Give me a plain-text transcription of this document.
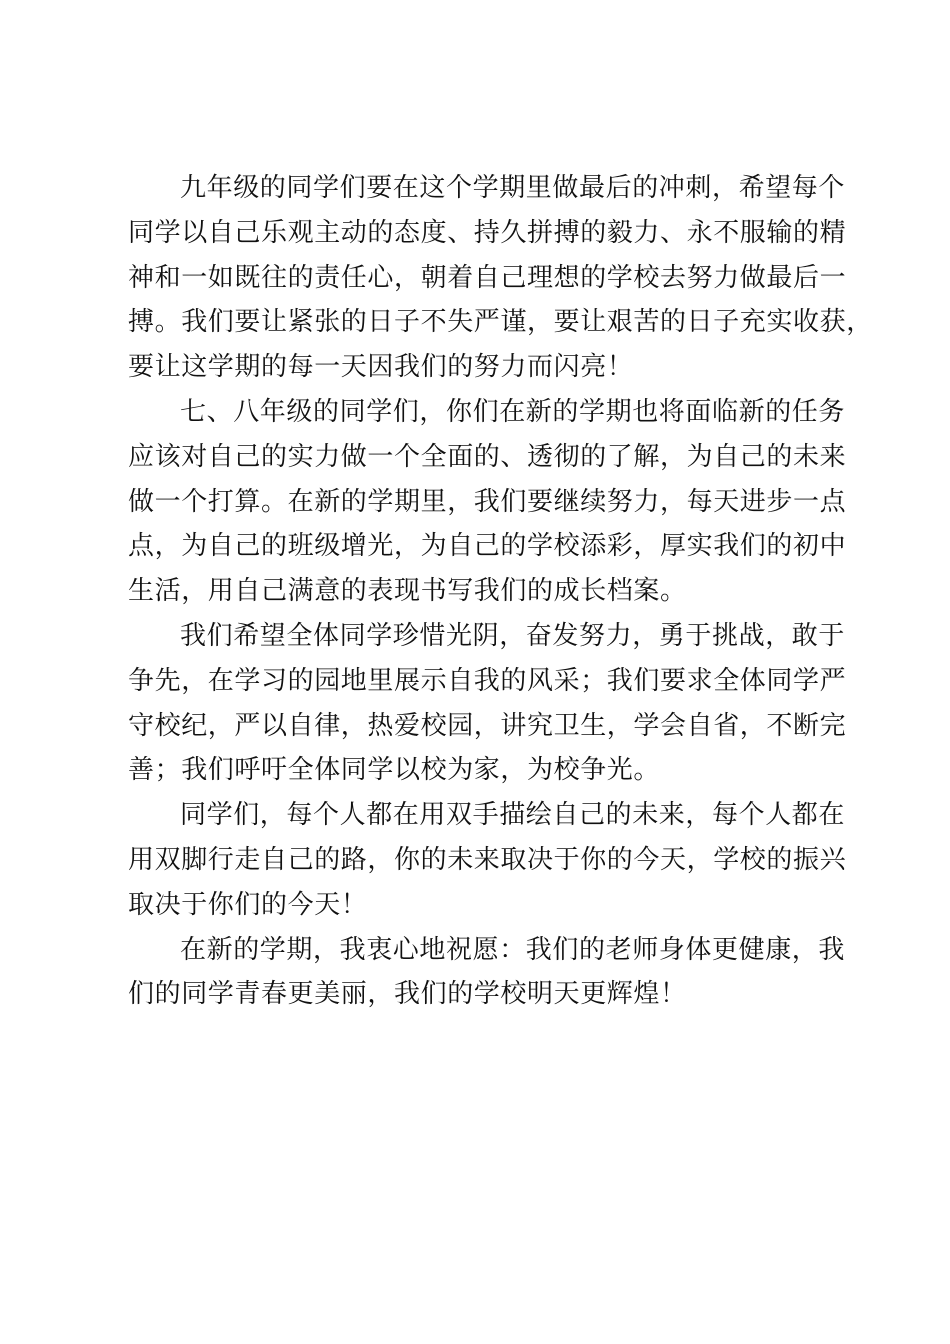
九年级的同学们要在这个学期里做最后的冲刺，希望每个
同学以自己乐观主动的态度、持久拼搏的毅力、永不服输的精
神和一如既往的责任心，朝着自己理想的学校去努力做最后一
搏。我们要让紧张的日子不失严谨，要让艰苦的日子充实收获，
要让这学期的每一天因我们的努力而闪亮！

七、八年级的同学们，你们在新的学期也将面临新的任务
应该对自己的实力做一个全面的、透彻的了解，为自己的未来
做一个打算。在新的学期里，我们要继续努力，每天进步一点
点，为自己的班级增光，为自己的学校添彩，厚实我们的初中
生活，用自己满意的表现书写我们的成长档案。

我们希望全体同学珍惜光阴，奋发努力，勇于挑战，敢于
争先，在学习的园地里展示自我的风采；我们要求全体同学严
守校纪，严以自律，热爱校园，讲究卫生，学会自省，不断完
善；我们呼吁全体同学以校为家，为校争光。

同学们，每个人都在用双手描绘自己的未来，每个人都在
用双脚行走自己的路，你的未来取决于你的今天，学校的振兴
取决于你们的今天！

在新的学期，我衷心地祝愿：我们的老师身体更健康，我
们的同学青春更美丽，我们的学校明天更辉煌！
